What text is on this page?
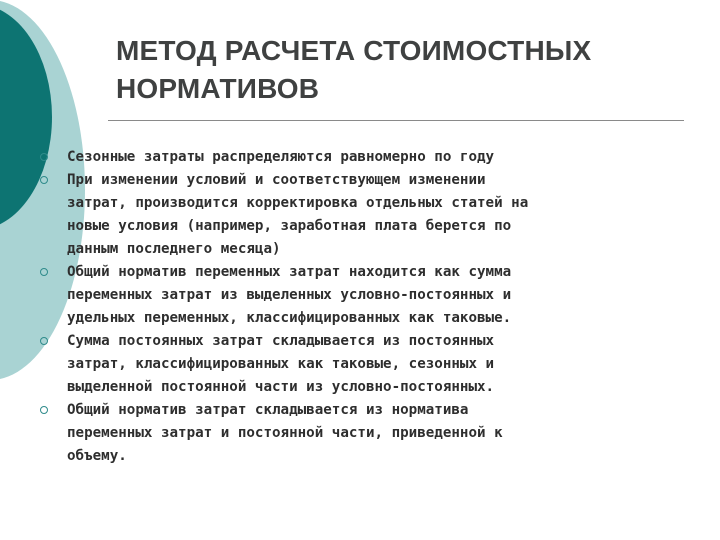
МЕТОД РАСЧЕТА СТОИМОСТНЫХ
НОРМАТИВОВ
Сезонные затраты распределяются равномерно по году
При изменении условий и соответствующем изменении
затрат, производится корректировка отдельных статей на
новые условия (например, заработная плата берется по
данным последнего месяца)
Общий норматив переменных затрат находится как сумма
переменных затрат из выделенных условно-постоянных и
удельных переменных, классифицированных как таковые.
Сумма постоянных затрат складывается из постоянных
затрат, классифицированных как таковые, сезонных и
выделенной постоянной части из условно-постоянных.
Общий норматив затрат складывается из норматива
переменных затрат и постоянной части, приведенной к
объему.
